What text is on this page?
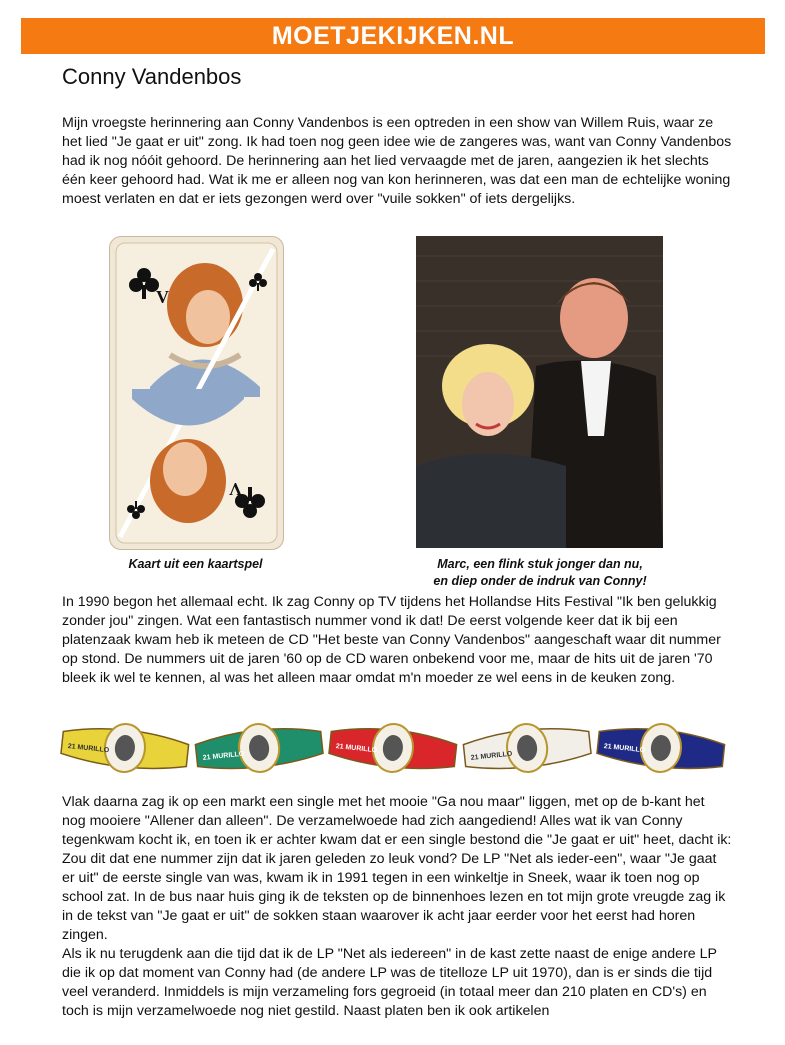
MOETJEKIJKEN.NL
Conny Vandenbos

Mijn vroegste herinnering aan Conny Vandenbos is een optreden in een show van Willem Ruis, waar ze het lied "Je gaat er uit" zong. Ik had toen nog geen idee wie de zangeres was, want van Conny Vandenbos had ik nog nóóit gehoord. De herinnering aan het lied vervaagde met de jaren, aangezien ik het slechts één keer gehoord had. Wat ik me er alleen nog van kon herinneren, was dat een man de echtelijke woning moest verlaten en dat er iets gezongen werd over "vuile sokken" of iets dergelijks.

V
V

Kaart uit een kaartspel	Marc, een flink stuk jonger dan nu,
en diep onder de indruk van Conny!

In 1990 begon het allemaal echt. Ik zag Conny op TV tijdens het Hollandse Hits Festival "Ik ben gelukkig zonder jou" zingen. Wat een fantastisch nummer vond ik dat! De eerst volgende keer dat ik bij een platenzaak kwam heb ik meteen de CD "Het beste van Conny Vandenbos" aangeschaft waar dit nummer op stond. De nummers uit de jaren '60 op de CD waren onbekend voor me, maar de hits uit de jaren '70 bleek ik wel te kennen, al was het alleen maar omdat m'n moeder ze wel eens in de keuken zong.

21 MURILLO
21 MURILLO
21 MURILLO
21 MURILLO
21 MURILLO

Vlak daarna zag ik op een markt een single met het mooie "Ga nou maar" liggen, met op de b-kant het nog mooiere "Allener dan alleen". De verzamelwoede had zich aangediend! Alles wat ik van Conny tegenkwam kocht ik, en toen ik er achter kwam dat er een single bestond die "Je gaat er uit" heet, dacht ik: Zou dit dat ene nummer zijn dat ik jaren geleden zo leuk vond? De LP "Net als ieder-een", waar "Je gaat er uit" de eerste single van was, kwam ik in 1991 tegen in een winkeltje in Sneek, waar ik toen nog op school zat. In de bus naar huis ging ik de teksten op de binnenhoes lezen en tot mijn grote vreugde zag ik in de tekst van "Je gaat er uit" de sokken staan waarover ik acht jaar eerder voor het eerst had horen zingen.
Als ik nu terugdenk aan die tijd dat ik de LP "Net als iedereen" in de kast zette naast de enige andere LP die ik op dat moment van Conny had (de andere LP was de titelloze LP uit 1970), dan is er sinds die tijd veel veranderd. Inmiddels is mijn verzameling fors gegroeid (in totaal meer dan 210 platen en CD's) en toch is mijn verzamelwoede nog niet gestild. Naast platen ben ik ook artikelen
